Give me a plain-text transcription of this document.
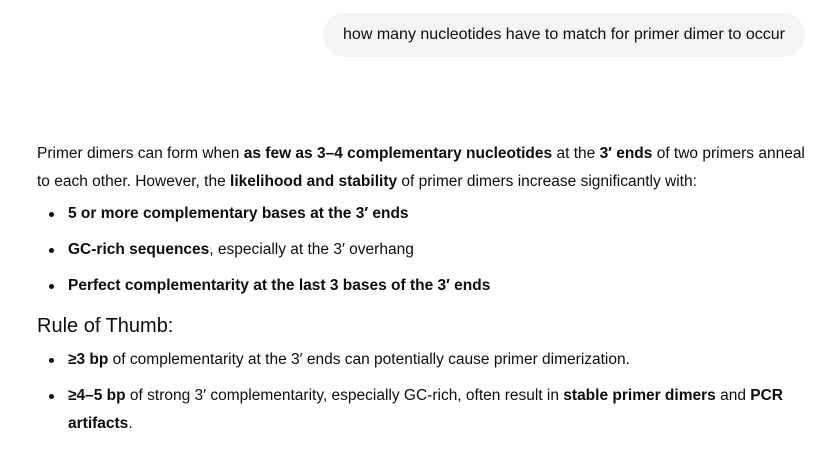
how many nucleotides have to match for primer dimer to occur

Primer dimers can form when as few as 3–4 complementary nucleotides at the 3′ ends of two primers anneal to each other. However, the likelihood and stability of primer dimers increase significantly with:

5 or more complementary bases at the 3′ ends
GC-rich sequences, especially at the 3′ overhang
Perfect complementarity at the last 3 bases of the 3′ ends
Rule of Thumb:
≥3 bp of complementarity at the 3′ ends can potentially cause primer dimerization.
≥4–5 bp of strong 3′ complementarity, especially GC-rich, often result in stable primer dimers and PCR artifacts.
